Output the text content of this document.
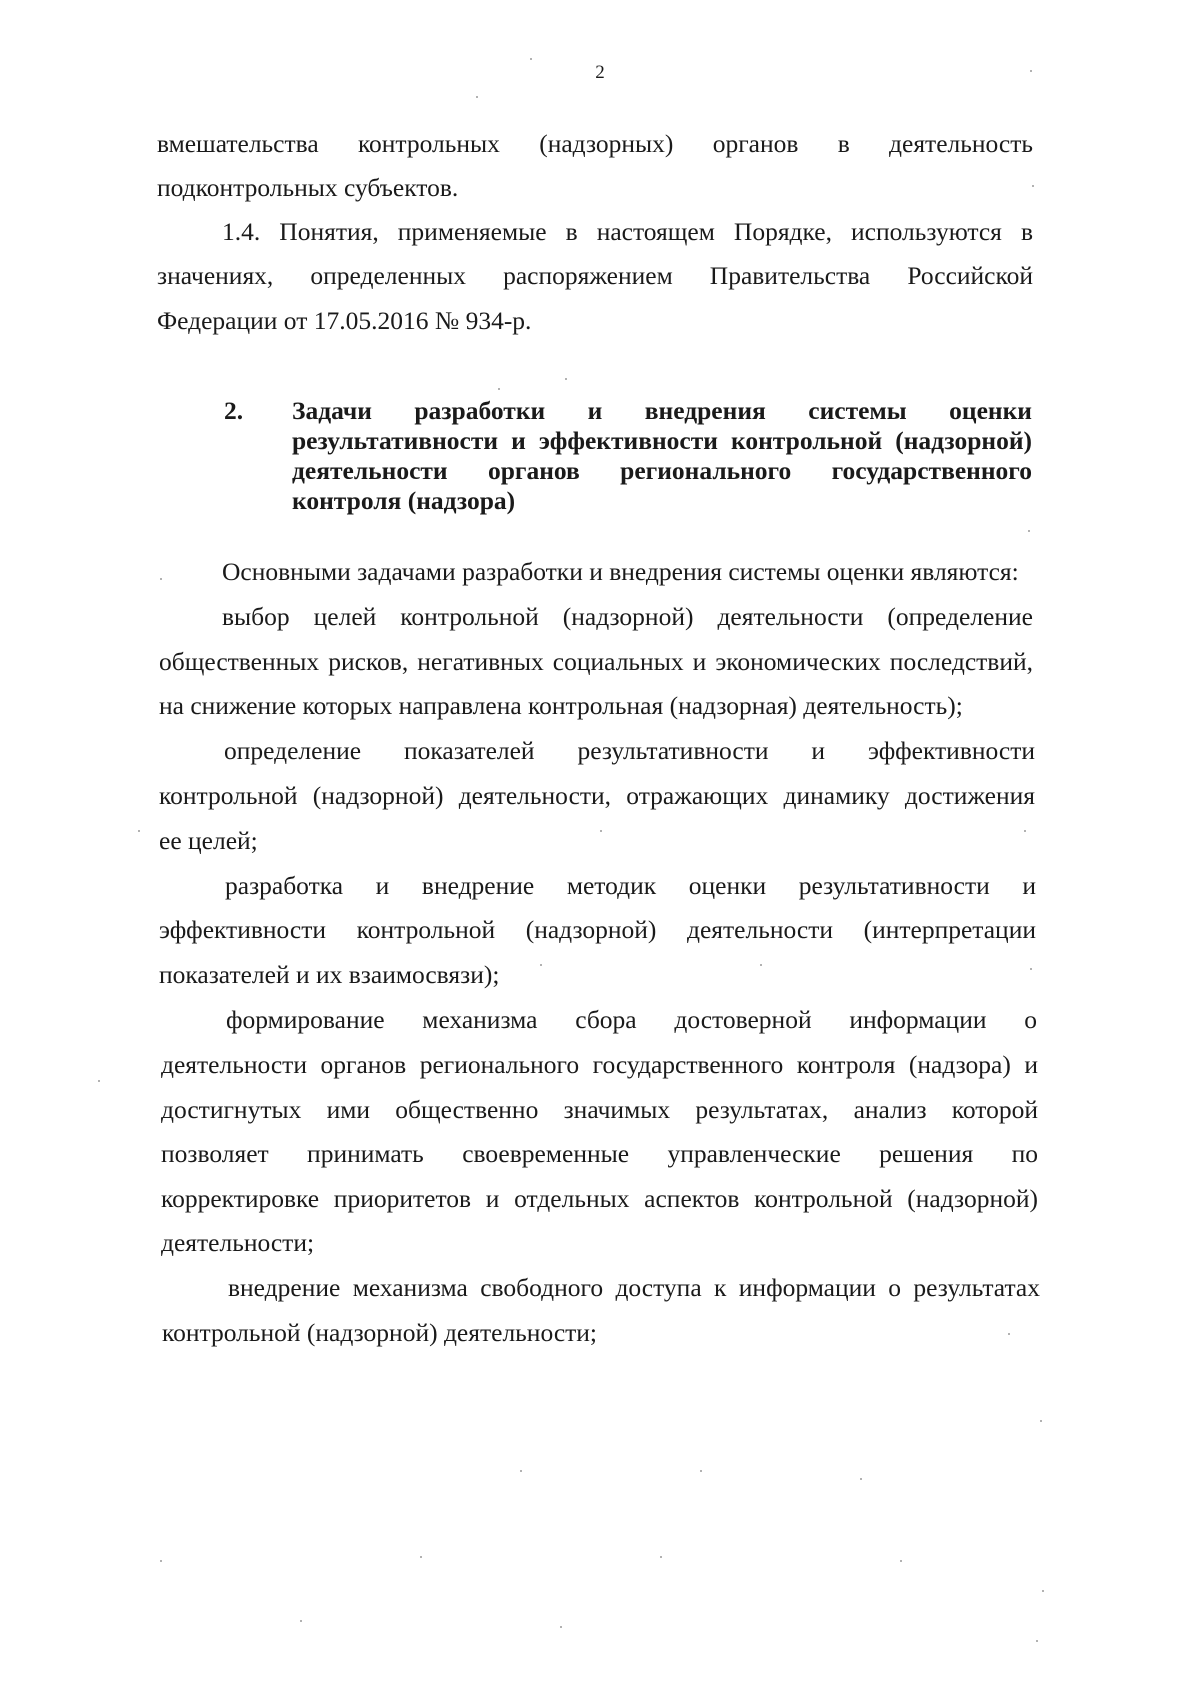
2
вмешательства контрольных (надзорных) органов в деятельность
подконтрольных субъектов.
1.4. Понятия, применяемые в настоящем Порядке, используются в
значениях, определенных распоряжением Правительства Российской
Федерации от 17.05.2016 № 934-р.
2. Задачи разработки и внедрения системы оценки
результативности и эффективности контрольной (надзорной)
деятельности органов регионального государственного
контроля (надзора)
Основными задачами разработки и внедрения системы оценки являются:
выбор целей контрольной (надзорной) деятельности (определение
общественных рисков, негативных социальных и экономических последствий,
на снижение которых направлена контрольная (надзорная) деятельность);
определение показателей результативности и эффективности
контрольной (надзорной) деятельности, отражающих динамику достижения
ее целей;
разработка и внедрение методик оценки результативности и
эффективности контрольной (надзорной) деятельности (интерпретации
показателей и их взаимосвязи);
формирование механизма сбора достоверной информации о
деятельности органов регионального государственного контроля (надзора) и
достигнутых ими общественно значимых результатах, анализ которой
позволяет принимать своевременные управленческие решения по
корректировке приоритетов и отдельных аспектов контрольной (надзорной)
деятельности;
внедрение механизма свободного доступа к информации о результатах
контрольной (надзорной) деятельности;
